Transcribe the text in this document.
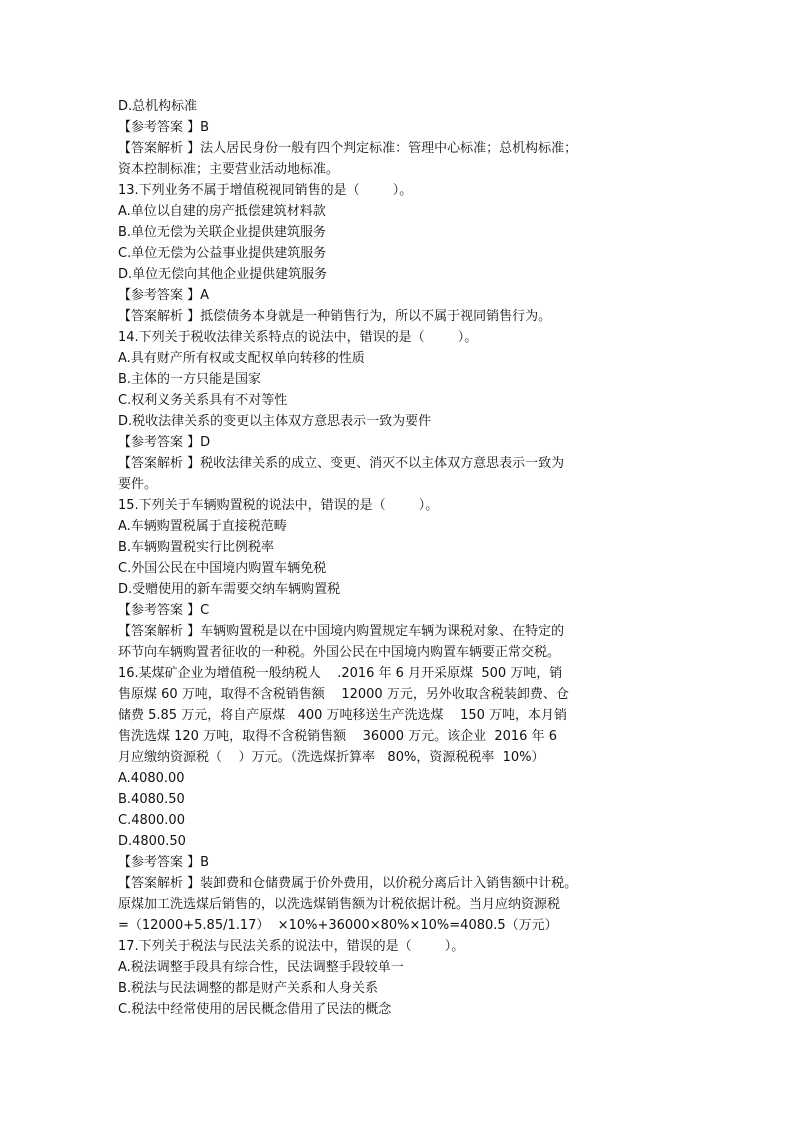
D.总机构标准
【参考答案 】B
【答案解析 】法人居民身份一般有四个判定标准：管理中心标准；总机构标准；
资本控制标准；主要营业活动地标准。
13.下列业务不属于增值税视同销售的是（        ）。
A.单位以自建的房产抵偿建筑材料款
B.单位无偿为关联企业提供建筑服务
C.单位无偿为公益事业提供建筑服务
D.单位无偿向其他企业提供建筑服务
【参考答案 】A
【答案解析 】抵偿债务本身就是一种销售行为，所以不属于视同销售行为。
14.下列关于税收法律关系特点的说法中，错误的是（        ）。
A.具有财产所有权或支配权单向转移的性质
B.主体的一方只能是国家
C.权利义务关系具有不对等性
D.税收法律关系的变更以主体双方意思表示一致为要件
【参考答案 】D
【答案解析 】税收法律关系的成立、变更、消灭不以主体双方意思表示一致为
要件。
15.下列关于车辆购置税的说法中，错误的是（        ）。
A.车辆购置税属于直接税范畴
B.车辆购置税实行比例税率
C.外国公民在中国境内购置车辆免税
D.受赠使用的新车需要交纳车辆购置税
【参考答案 】C
【答案解析 】车辆购置税是以在中国境内购置规定车辆为课税对象、在特定的
环节向车辆购置者征收的一种税。外国公民在中国境内购置车辆要正常交税。
16.某煤矿企业为增值税一般纳税人    .2016 年 6 月开采原煤  500 万吨，销
售原煤 60 万吨，取得不含税销售额    12000 万元，另外收取含税装卸费、仓
储费 5.85 万元，将自产原煤   400 万吨移送生产洗选煤    150 万吨，本月销
售洗选煤 120 万吨，取得不含税销售额    36000 万元。该企业  2016 年 6
月应缴纳资源税（    ）万元。（洗选煤折算率   80%，资源税税率  10%）
A.4080.00
B.4080.50
C.4800.00
D.4800.50
【参考答案 】B
【答案解析 】装卸费和仓储费属于价外费用，以价税分离后计入销售额中计税。
原煤加工洗选煤后销售的，以洗选煤销售额为计税依据计税。当月应纳资源税
=（12000+5.85/1.17）  ×10%+36000×80%×10%=4080.5（万元）
17.下列关于税法与民法关系的说法中，错误的是（        ）。
A.税法调整手段具有综合性，民法调整手段较单一
B.税法与民法调整的都是财产关系和人身关系
C.税法中经常使用的居民概念借用了民法的概念
